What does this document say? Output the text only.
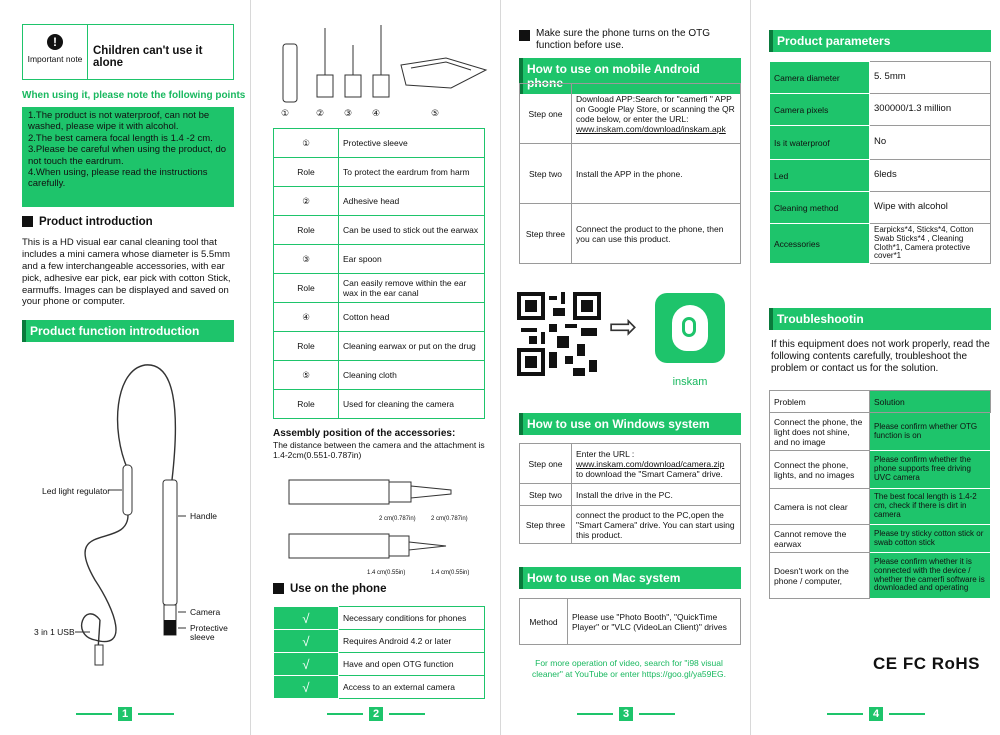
!
Important note
Children can't use it alone
When using it, please note the following points
1.The product is not waterproof, can not be washed, please wipe it with alcohol.
2.The best camera focal length is 1.4 -2 cm.
3.Please be careful when using the product, do not touch the eardrum.
4.When using, please read the instructions carefully.
Product introduction
This is a HD visual ear canal cleaning tool that includes a mini camera whose diameter is 5.5mm and a few interchangeable accessories, with ear pick, adhesive ear pick, ear pick with cotton Stick, earmuffs. Images can be displayed and saved on your phone or computer.
Product function introduction
Led light regulator
Handle
Camera
Protective sleeve
3 in 1 USB
1
①	② ③ ④	⑤
①	Protective sleeve
Role	To protect the eardrum from harm
②	Adhesive head
Role	Can be used to stick out the earwax
③	Ear spoon
Role	Can easily remove within the ear wax in the ear canal
④	Cotton head
Role	Cleaning earwax or put on the drug
⑤	Cleaning cloth
Role	Used for cleaning the camera
Assembly position of the accessories:
The distance between the camera and the attachment is 1.4-2cm(0.551-0.787in)
2 cm(0.787in)	2 cm(0.787in)
1.4 cm(0.55in)	1.4 cm(0.55in)
Use on the phone
√	Necessary conditions for phones
√	Requires Android 4.2 or later
√	Have and open OTG function
√	Access to an external camera
2
Make sure the phone turns on the OTG function before use.
How to use on mobile Android phone
Step one	Download APP:Search for "camerfi " APP on Google Play Store, or scanning the QR code below, or enter the URL:
www.inskam.com/download/inskam.apk
Step two	Install the APP in the phone.
Step three	Connect the product to the phone, then you can use this product.
⇨
inskam
How to use on Windows system
Step one	Enter the URL :
www.inskam.com/download/camera.zip
to download the "Smart Camera" drive.
Step two	Install the drive in the PC.
Step three	connect the product to the PC,open the "Smart Camera" drive. You can start using this product.
How to use on Mac system
Method	Please use "Photo Booth", "QuickTime Player" or "VLC (VideoLan Client)" drives
For more operation of video, search for "i98 visual cleaner" at YouTube or enter https://goo.gl/ya59EG.
3
Product parameters
Camera diameter	5. 5mm
Camera pixels	300000/1.3 million
Is it waterproof	No
Led	6leds
Cleaning method	Wipe with alcohol
Accessories	Earpicks*4, Sticks*4, Cotton Swab Sticks*4 , Cleaning Cloth*1, Camera protective cover*1
Troubleshootin
If this equipment does not work properly, read the following contents carefully, troubleshoot the problem or contact us for the solution.
Problem	Solution
Connect the phone, the light does not shine, and no image	Please confirm whether OTG function is on
Connect the phone, lights, and no images	Please confirm whether the phone supports free driving UVC camera
Camera is not clear	The best focal length is 1.4-2 cm, check if there is dirt in camera
Cannot remove the earwax	Please try sticky cotton stick or swab cotton stick
Doesn't work on the phone / computer,	Please confirm whether it is connected with the device / whether the camerfi software is downloaded and operating
CE FC RoHS
4
